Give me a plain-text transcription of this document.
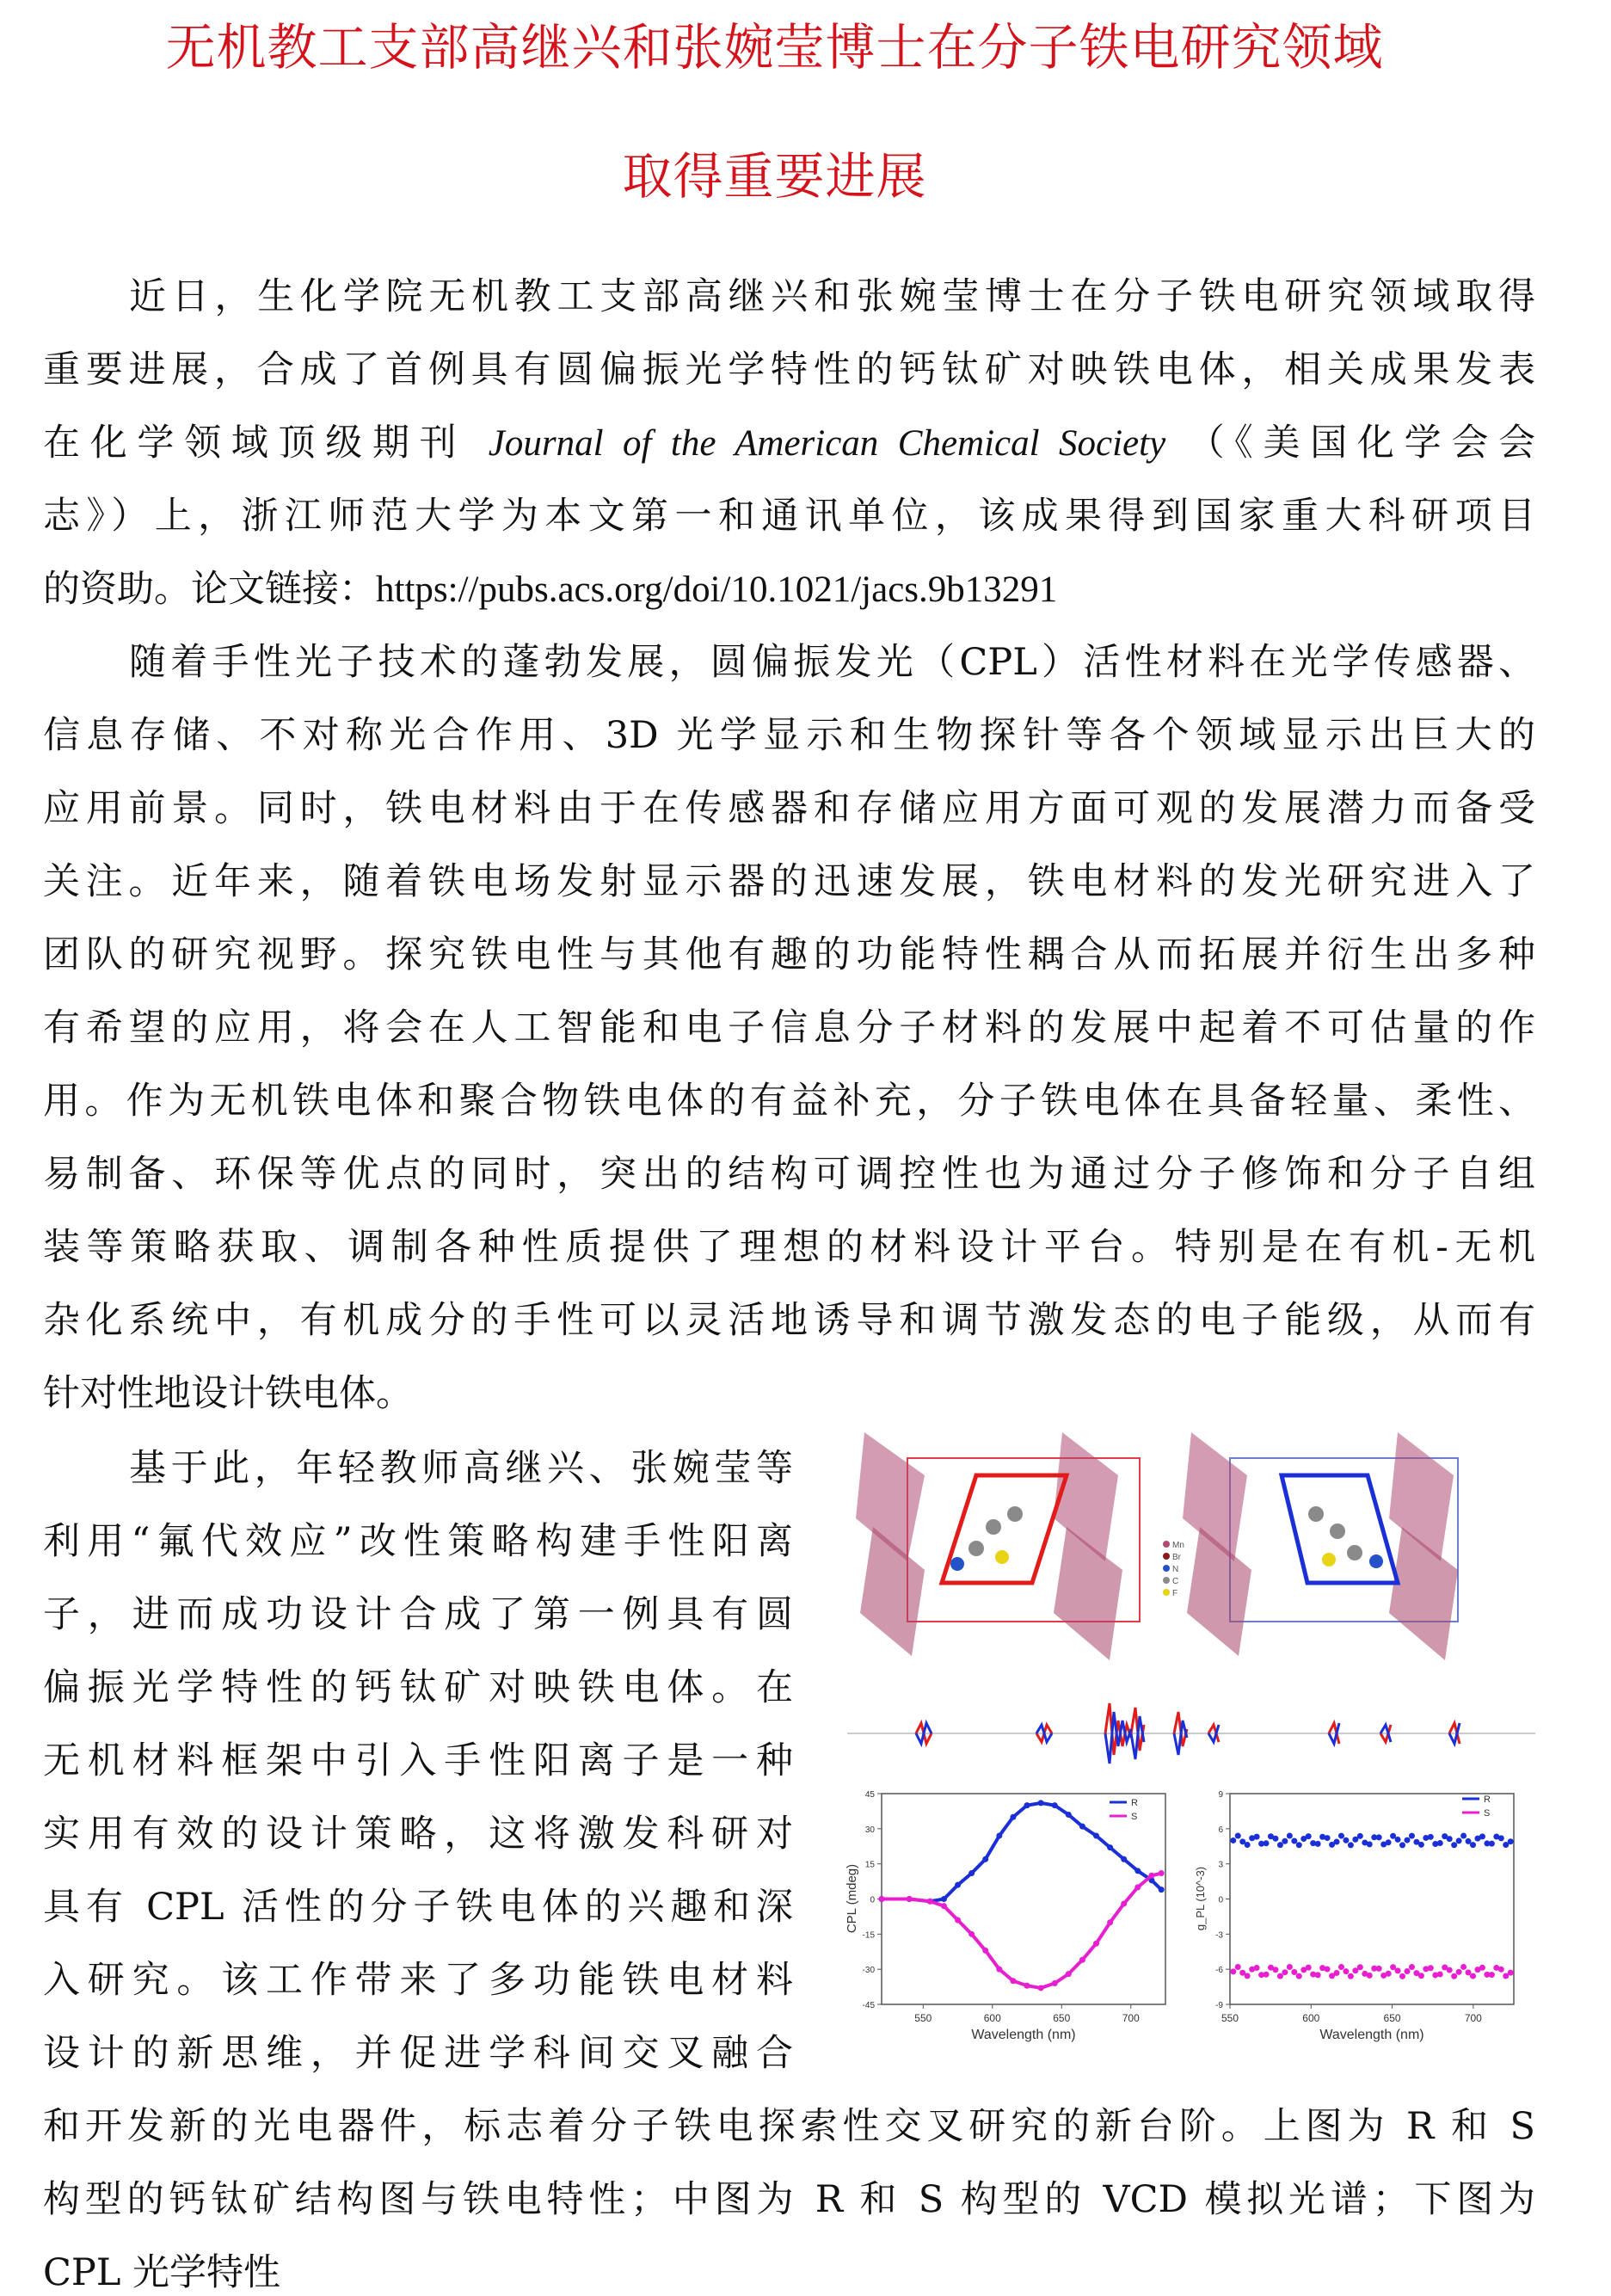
无机教工支部高继兴和张婉莹博士在分子铁电研究领域
取得重要进展
近日，生化学院无机教工支部高继兴和张婉莹博士在分子铁电研究领域取得
重要进展，合成了首例具有圆偏振光学特性的钙钛矿对映铁电体，相关成果发表
在化学领域顶级期刊 Journal of the American Chemical Society （《美国化学会会
志》）上，浙江师范大学为本文第一和通讯单位，该成果得到国家重大科研项目
的资助。论文链接：https://pubs.acs.org/doi/10.1021/jacs.9b13291
随着手性光子技术的蓬勃发展，圆偏振发光（CPL）活性材料在光学传感器、
信息存储、不对称光合作用、3D 光学显示和生物探针等各个领域显示出巨大的
应用前景。同时，铁电材料由于在传感器和存储应用方面可观的发展潜力而备受
关注。近年来，随着铁电场发射显示器的迅速发展，铁电材料的发光研究进入了
团队的研究视野。探究铁电性与其他有趣的功能特性耦合从而拓展并衍生出多种
有希望的应用，将会在人工智能和电子信息分子材料的发展中起着不可估量的作
用。作为无机铁电体和聚合物铁电体的有益补充，分子铁电体在具备轻量、柔性、
易制备、环保等优点的同时，突出的结构可调控性也为通过分子修饰和分子自组
装等策略获取、调制各种性质提供了理想的材料设计平台。特别是在有机-无机
杂化系统中，有机成分的手性可以灵活地诱导和调节激发态的电子能级，从而有
针对性地设计铁电体。
基于此，年轻教师高继兴、张婉莹等
利用“氟代效应”改性策略构建手性阳离
子，进而成功设计合成了第一例具有圆
偏振光学特性的钙钛矿对映铁电体。在
无机材料框架中引入手性阳离子是一种
实用有效的设计策略，这将激发科研对
具有 CPL 活性的分子铁电体的兴趣和深
入研究。该工作带来了多功能铁电材料
设计的新思维，并促进学科间交叉融合
和开发新的光电器件，标志着分子铁电探索性交叉研究的新台阶。上图为 R 和 S
构型的钙钛矿结构图与铁电特性；中图为 R 和 S 构型的 VCD 模拟光谱；下图为
CPL 光学特性
Mn
Br
N
C
F
45
30
15
0
-15
-30
-45
550	600	650	700
Wavelength (nm)
CPL (mdeg)
R
S
9
6
3
0
-3
-6
-9
550	600	650	700
Wavelength (nm)
g_PL (10^-3)
R
S
